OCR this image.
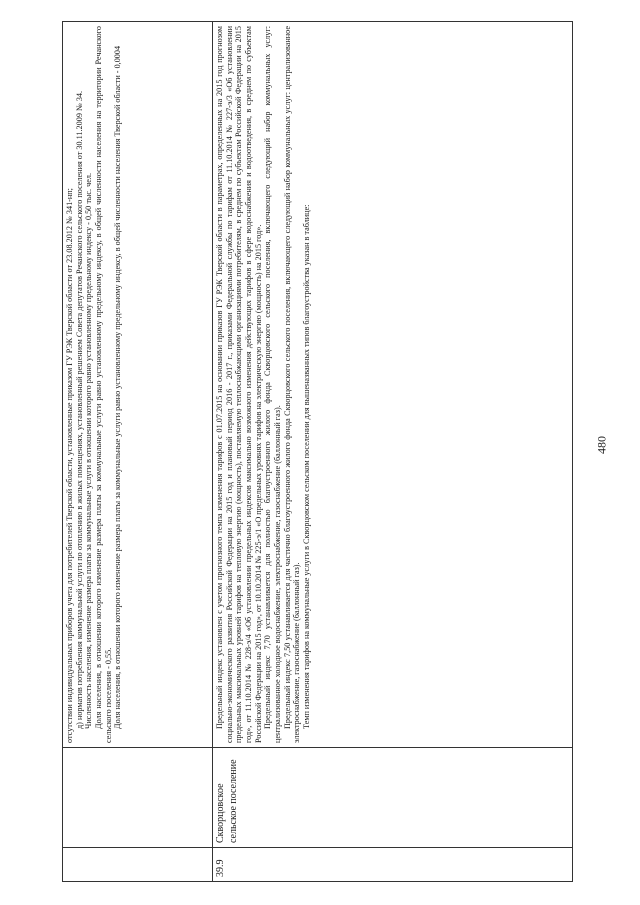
480

		отсутствии индивидуальных приборов учета для потребителей Тверской области, установленные приказом ГУ РЭК Тверской области от 23.08.2012 № 341-нп; д) норматив потребления коммунальной услуги по отоплению в жилых помещениях, установленный решением Совета депутатов Речанского сельского поселения от 30.11.2009 № 34. Численность населения, изменение размера платы за коммунальные услуги в отношении которого равно установленному предельному индексу - 0,50 тыс. чел. Доля населения, в отношении которого изменение размера платы за коммунальные услуги равно установленному предельному индексу, в общей численности населения на территории Речанского сельского поселения - 0,55. Доля населения, в отношении которого изменение размера платы за коммунальные услуги равно установленному предельному индексу, в общей численности населения Тверской области - 0,0004

39.9	Скворцовское сельское поселение	Предельный индекс установлен с учетом прогнозного темпа изменения тарифов с 01.07.2015 на основании приказов ГУ РЭК Тверской области в параметрах, определенных на 2015 год прогнозом социально-экономического развития Российской Федерации на 2015 год и плановый период 2016 - 2017 г., приказами Федеральной службы по тарифам от 11.10.2014 № 227-э/3 «Об установлении предельных максимальных уровней тарифов на тепловую энергию (мощность), поставляемую теплоснабжающими организациями потребителям, в среднем по субъектам Российской Федерации на 2015 год», от 11.10.2014 № 228-э/4 «Об установлении предельных индексов максимально возможного изменения действующих тарифов в сфере водоснабжения и водоотведения, в среднем по субъектам Российской Федерации на 2015 год», от 10.10.2014 № 225-э/1 «О предельных уровнях тарифов на электрическую энергию (мощность) на 2015 год». Предельный индекс 7,70 устанавливается для полностью благоустроенного жилого фонда Скворцовского сельского поселения, включающего следующий набор коммунальных услуг: централизованное холодное водоснабжение, электроснабжение, газоснабжение (баллонный газ). Предельный индекс 7,50 устанавливается для частично благоустроенного жилого фонда Скворцовского сельского поселения, включающего следующий набор коммунальных услуг: централизованное электроснабжение, газоснабжение (баллонный газ). Темп изменения тарифов на коммунальные услуги в Скворцовском сельском поселении для вышеназванных типов благоустройства указан в таблице:
